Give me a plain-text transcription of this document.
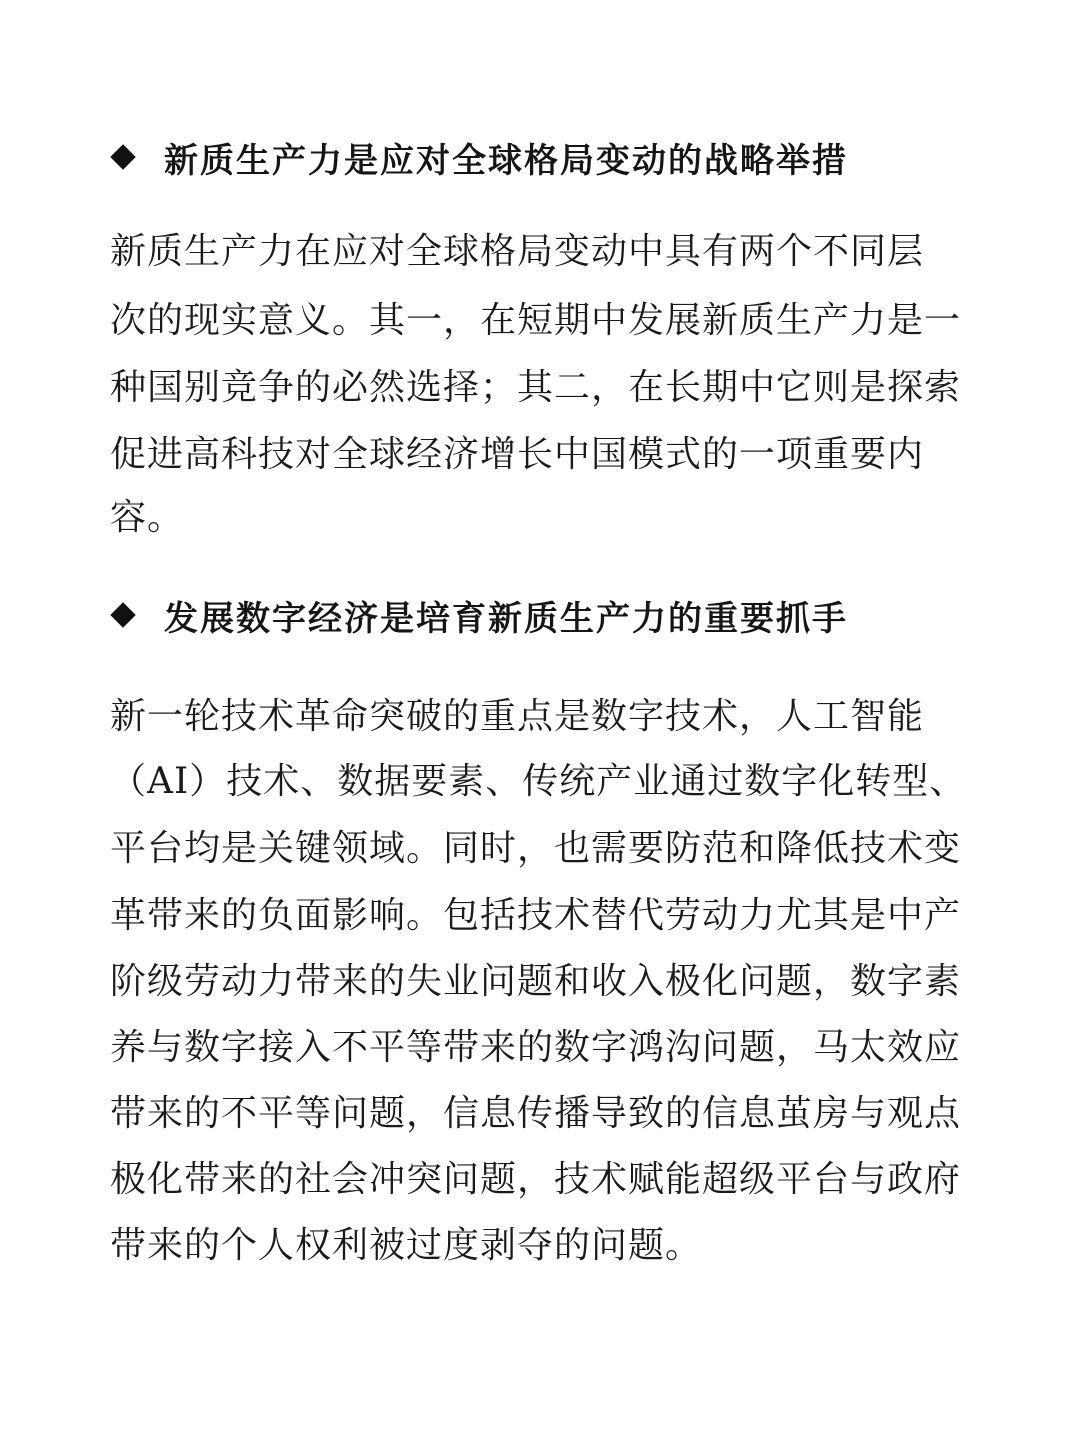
新质生产力是应对全球格局变动的战略举措
新质生产力在应对全球格局变动中具有两个不同层
次的现实意义。其一，在短期中发展新质生产力是一
种国别竞争的必然选择；其二，在长期中它则是探索
促进高科技对全球经济增长中国模式的一项重要内
容。
发展数字经济是培育新质生产力的重要抓手
新一轮技术革命突破的重点是数字技术，人工智能
（AI）技术、数据要素、传统产业通过数字化转型、
平台均是关键领域。同时，也需要防范和降低技术变
革带来的负面影响。包括技术替代劳动力尤其是中产
阶级劳动力带来的失业问题和收入极化问题，数字素
养与数字接入不平等带来的数字鸿沟问题，马太效应
带来的不平等问题，信息传播导致的信息茧房与观点
极化带来的社会冲突问题，技术赋能超级平台与政府
带来的个人权利被过度剥夺的问题。
